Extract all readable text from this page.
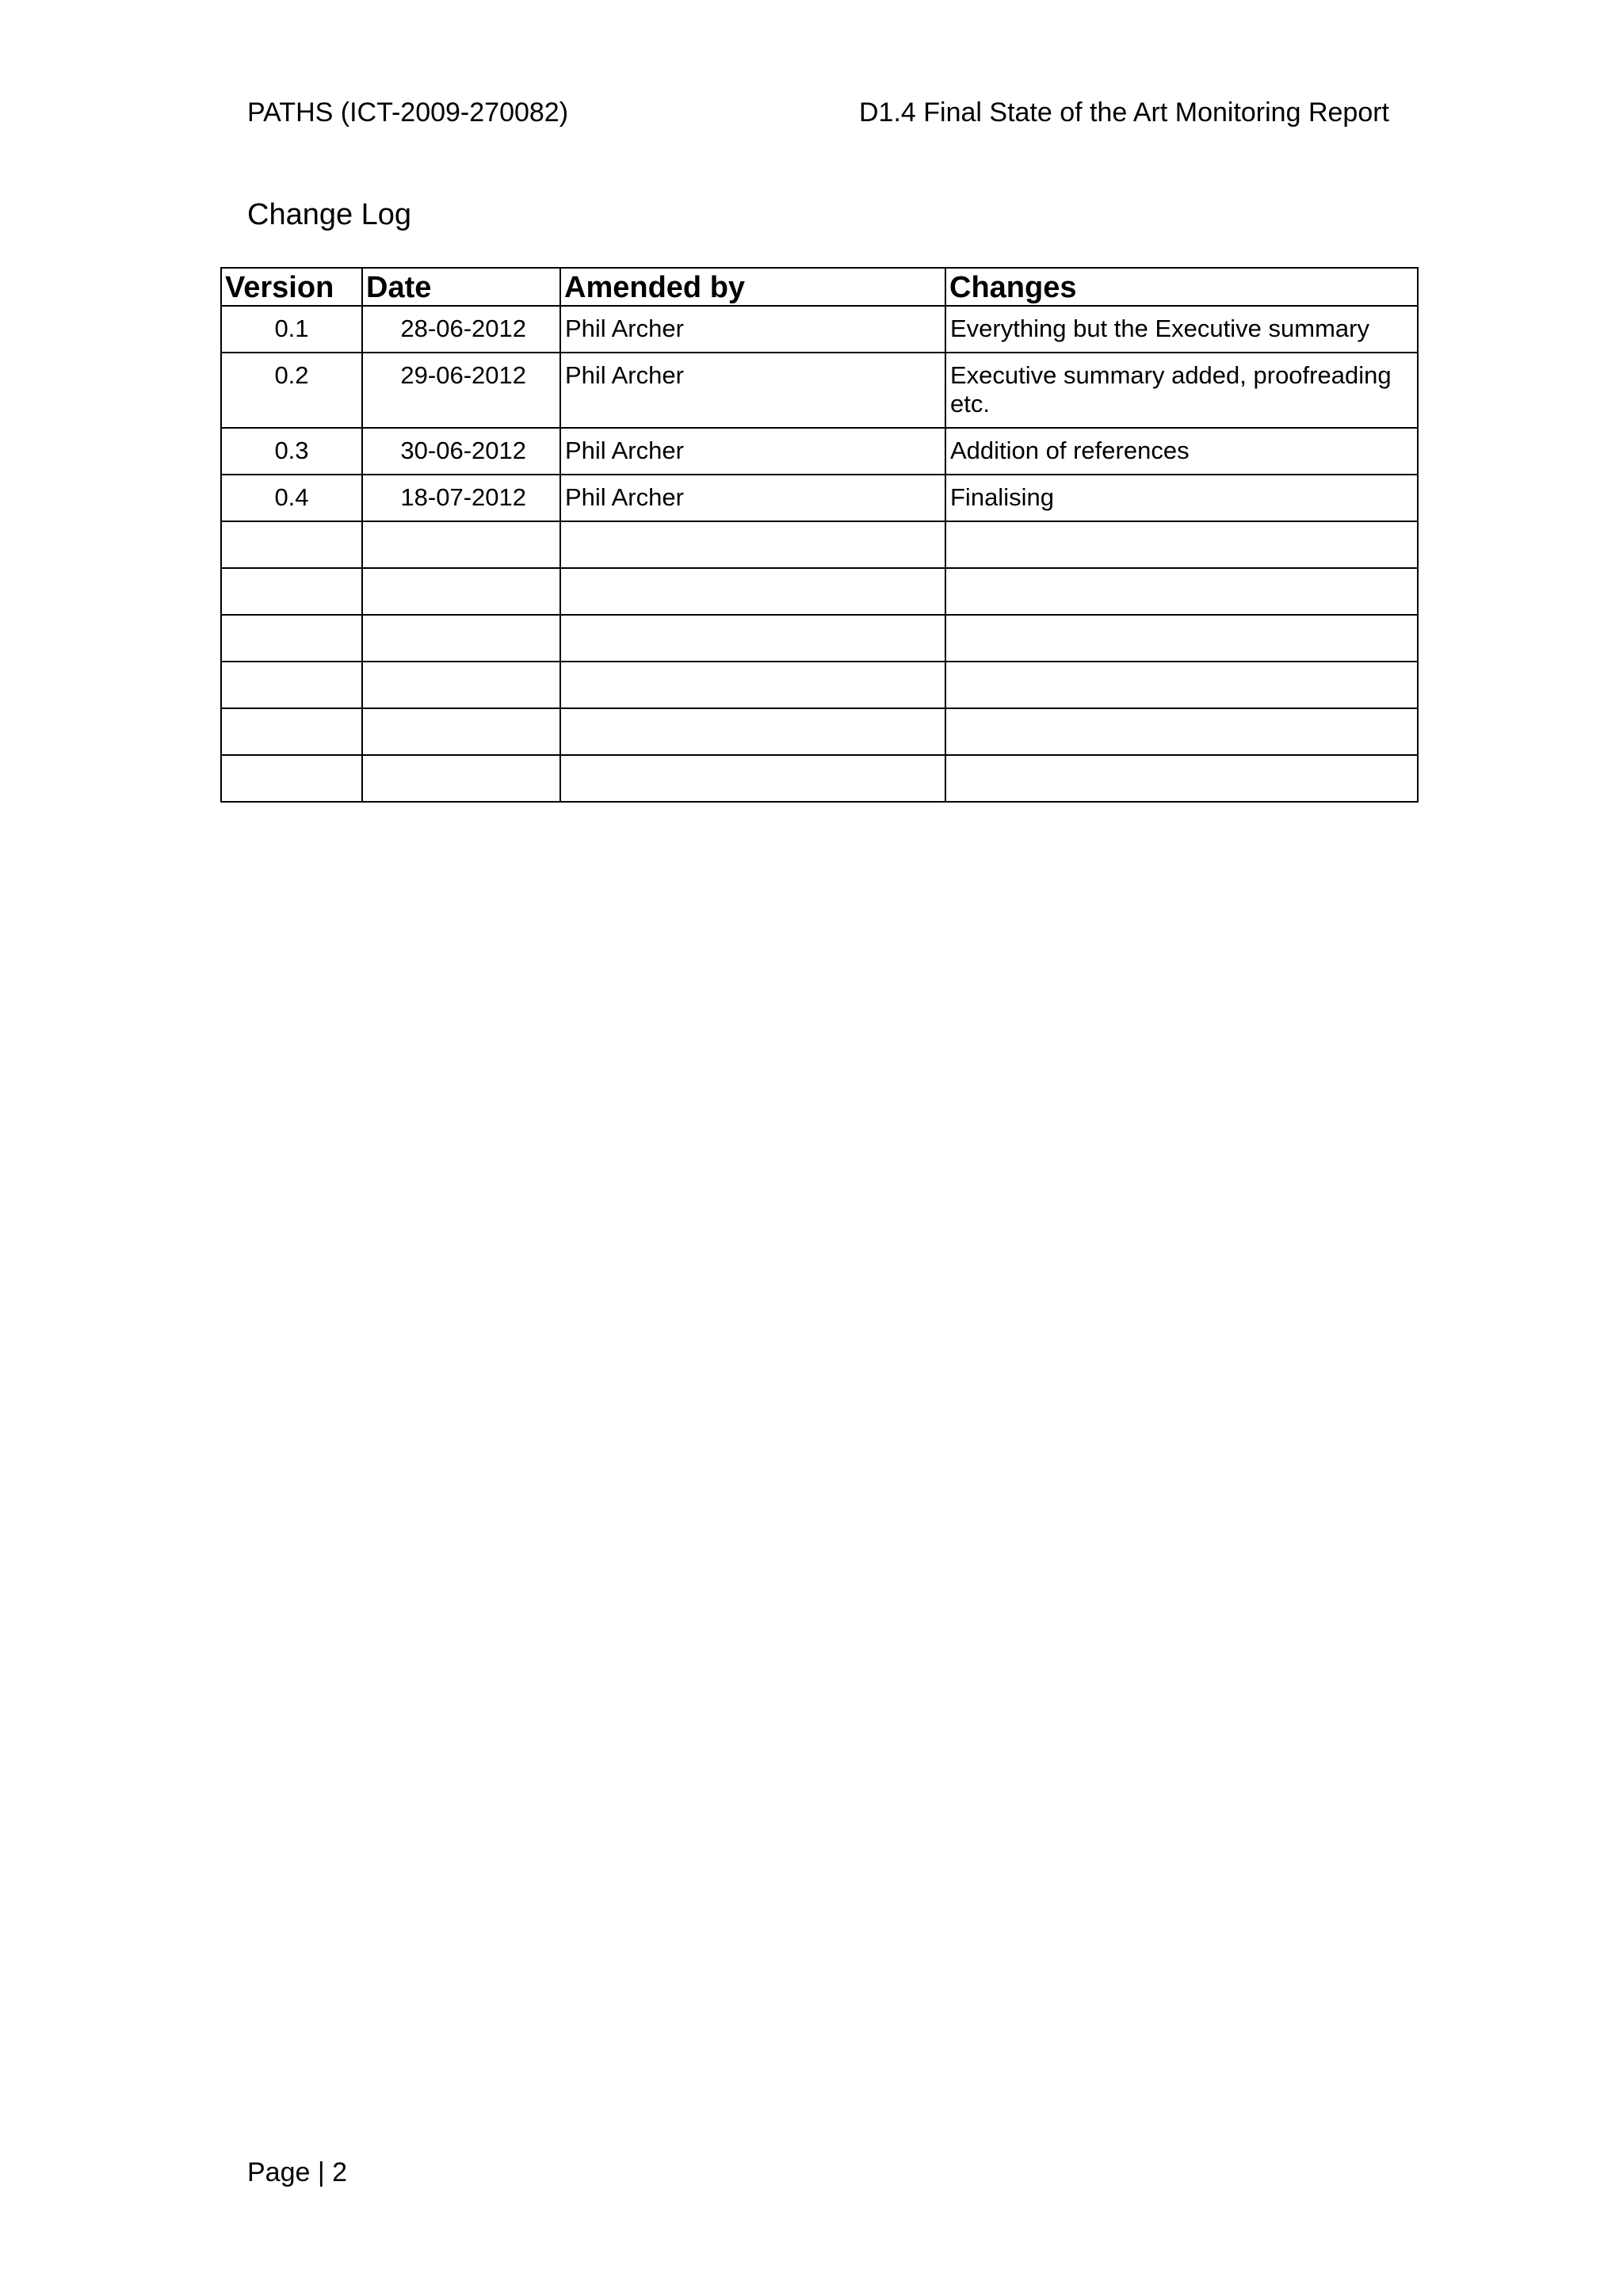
PATHS (ICT-2009-270082)	D1.4 Final State of the Art Monitoring Report
Change Log
Version	Date	Amended by	Changes
0.1	28-06-2012	Phil Archer	Everything but the Executive summary
0.2	29-06-2012	Phil Archer	Executive summary added, proofreading etc.
0.3	30-06-2012	Phil Archer	Addition of references
0.4	18-07-2012	Phil Archer	Finalising

Page | 2
